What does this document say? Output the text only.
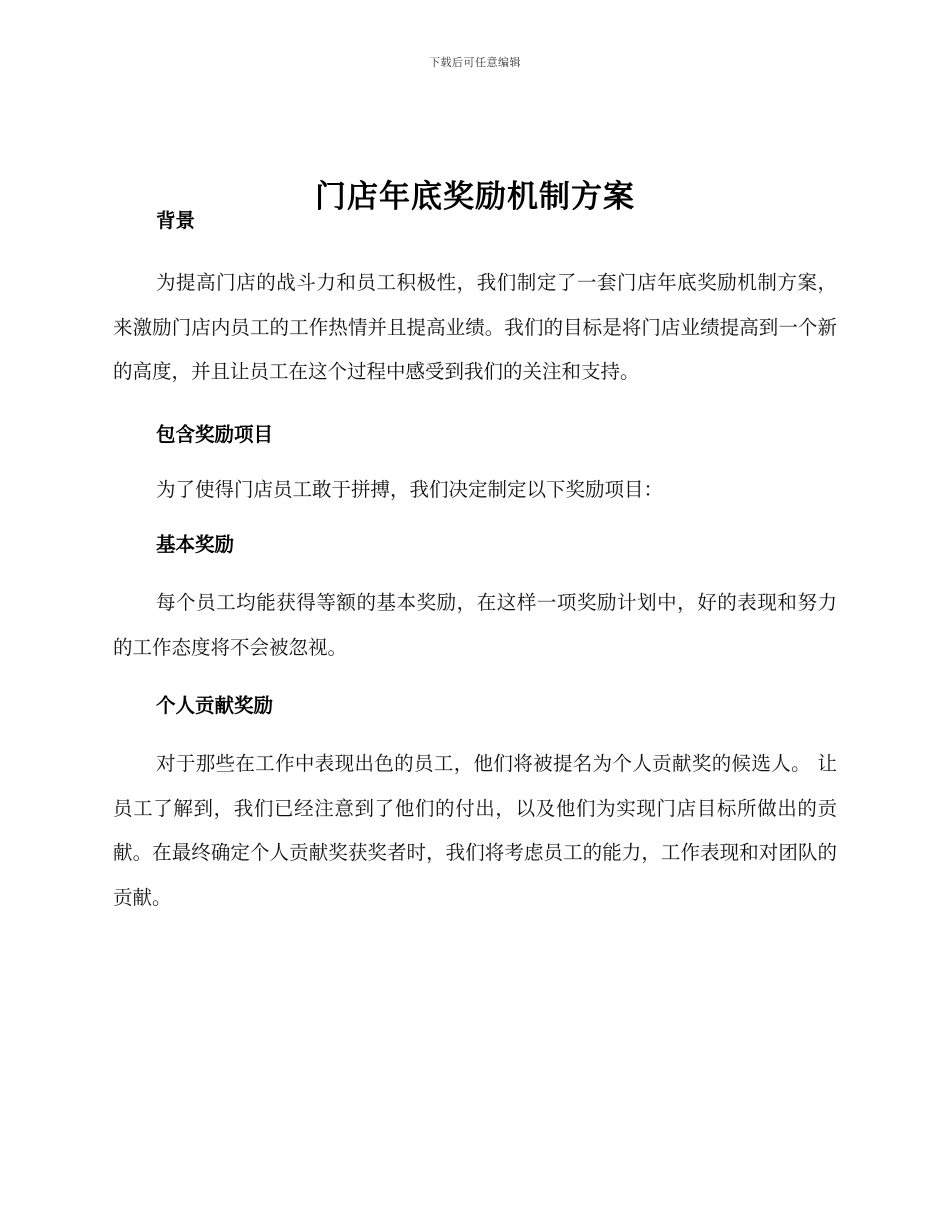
下载后可任意编辑
门店年底奖励机制方案

背景

为提高门店的战斗力和员工积极性，我们制定了一套门店年底奖励机制方案，来激励门店内员工的工作热情并且提高业绩。我们的目标是将门店业绩提高到一个新的高度，并且让员工在这个过程中感受到我们的关注和支持。

包含奖励项目

为了使得门店员工敢于拼搏，我们决定制定以下奖励项目：

基本奖励

每个员工均能获得等额的基本奖励，在这样一项奖励计划中，好的表现和努力的工作态度将不会被忽视。

个人贡献奖励

对于那些在工作中表现出色的员工，他们将被提名为个人贡献奖的候选人。 让员工了解到，我们已经注意到了他们的付出，以及他们为实现门店目标所做出的贡献。在最终确定个人贡献奖获奖者时，我们将考虑员工的能力，工作表现和对团队的贡献。
